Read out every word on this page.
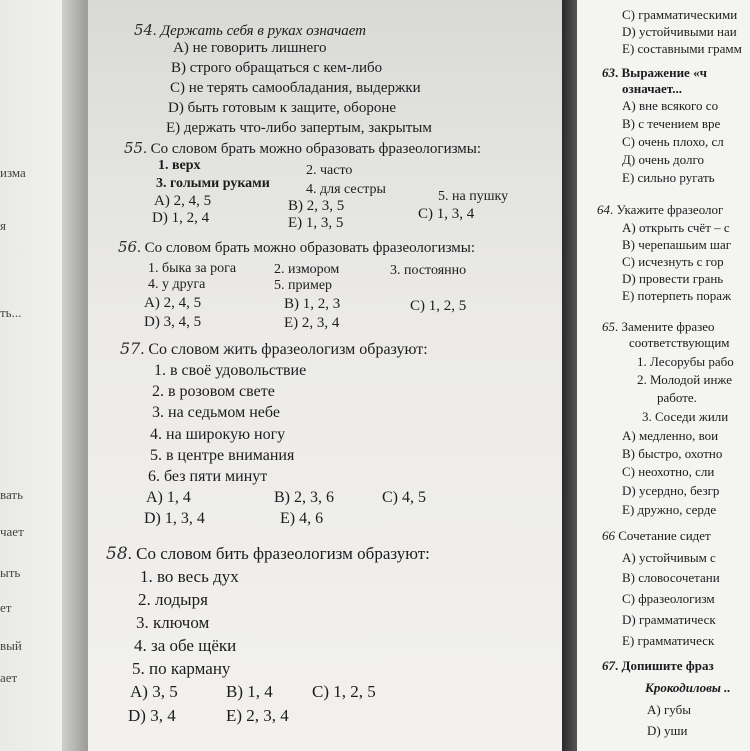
изма
я
ть...
вать
чает
ыть
ет
вый
ает
54. Держать себя в руках означает
A) не говорить лишнего
B) строго обращаться с кем-либо
C) не терять самообладания, выдержки
D) быть готовым к защите, обороне
E) держать что-либо запертым, закрытым
55. Со словом брать можно образовать фразеологизмы:
1. верх	2. часто
3. голыми руками	4. для сестры	5. на пушку
A) 2, 4, 5	B) 2, 3, 5	C) 1, 3, 4
D) 1, 2, 4	E) 1, 3, 5
56. Со словом брать можно образовать фразеологизмы:
1. быка за рога	2. измором	3. постоянно
4. у друга	5. пример
A) 2, 4, 5	B) 1, 2, 3	C) 1, 2, 5
D) 3, 4, 5	E) 2, 3, 4
57. Со словом жить фразеологизм образуют:
1. в своё удовольствие
2. в розовом свете
3. на седьмом небе
4. на широкую ногу
5. в центре внимания
6. без пяти минут
A) 1, 4	B) 2, 3, 6	C) 4, 5
D) 1, 3, 4	E) 4, 6
58. Со словом бить фразеологизм образуют:
1. во весь дух
2. лодыря
3. ключом
4. за обе щёки
5. по карману
A) 3, 5	B) 1, 4 C) 1, 2, 5
D) 3, 4	E) 2, 3, 4
C) грамматическими
D) устойчивыми наи
E) составными грамм
63. Выражение «ч
означает...
A) вне всякого со
B) с течением вре
C) очень плохо, сл
Д) очень долго
E) сильно ругать
64. Укажите фразеолог
A) открыть счёт – с
B) черепашьим шаг
C) исчезнуть с гор
D) провести грань
E) потерпеть пораж
65. Замените фразео
соответствующим
1. Лесорубы рабо
2. Молодой инже
работе.
3. Соседи жили
A) медленно, вои
B) быстро, охотно
C) неохотно, сли
D) усердно, безгр
E) дружно, серде
66 Сочетание сидет
A) устойчивым с
B) словосочетани
C) фразеологизм
D) грамматическ
E) грамматическ
67. Допишите фраз
Крокодиловы ..
A) губы
D) уши
